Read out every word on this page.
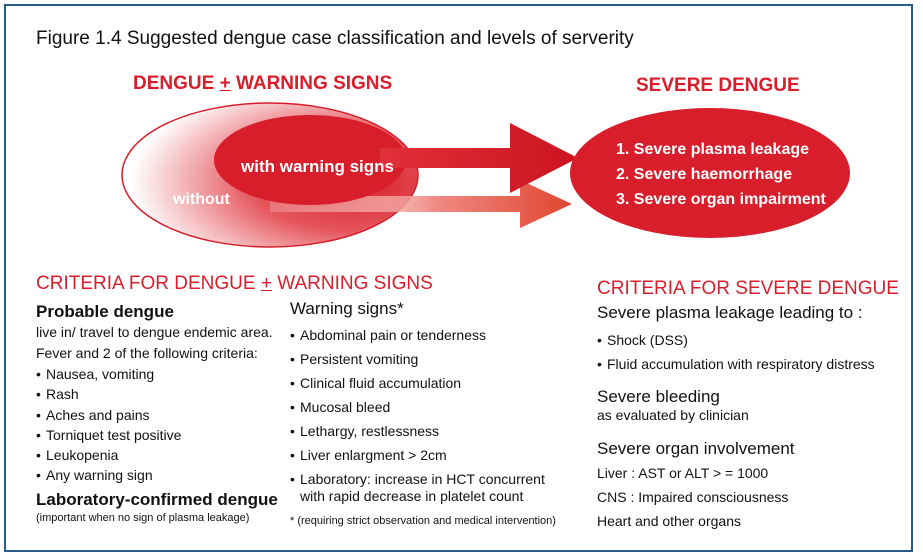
Figure 1.4 Suggested dengue case classification and levels of serverity
DENGUE + WARNING SIGNS	SEVERE DENGUE
with warning signs
without
1. Severe plasma leakage
2. Severe haemorrhage
3. Severe organ impairment
CRITERIA FOR DENGUE + WARNING SIGNS
Probable dengue
live in/ travel to dengue endemic area.
Fever and 2 of the following criteria:
• Nausea, vomiting
• Rash
• Aches and pains
• Torniquet test positive
• Leukopenia
• Any warning sign
Laboratory-confirmed dengue
(important when no sign of plasma leakage)
Warning signs*
• Abdominal pain or tenderness
• Persistent vomiting
• Clinical fluid accumulation
• Mucosal bleed
• Lethargy, restlessness
• Liver enlargment > 2cm
• Laboratory: increase in HCT concurrent
with rapid decrease in platelet count
* (requiring strict observation and medical intervention)
CRITERIA FOR SEVERE DENGUE
Severe plasma leakage leading to :
• Shock (DSS)
• Fluid accumulation with respiratory distress
Severe bleeding
as evaluated by clinician
Severe organ involvement
Liver : AST or ALT > = 1000
CNS : Impaired consciousness
Heart and other organs
